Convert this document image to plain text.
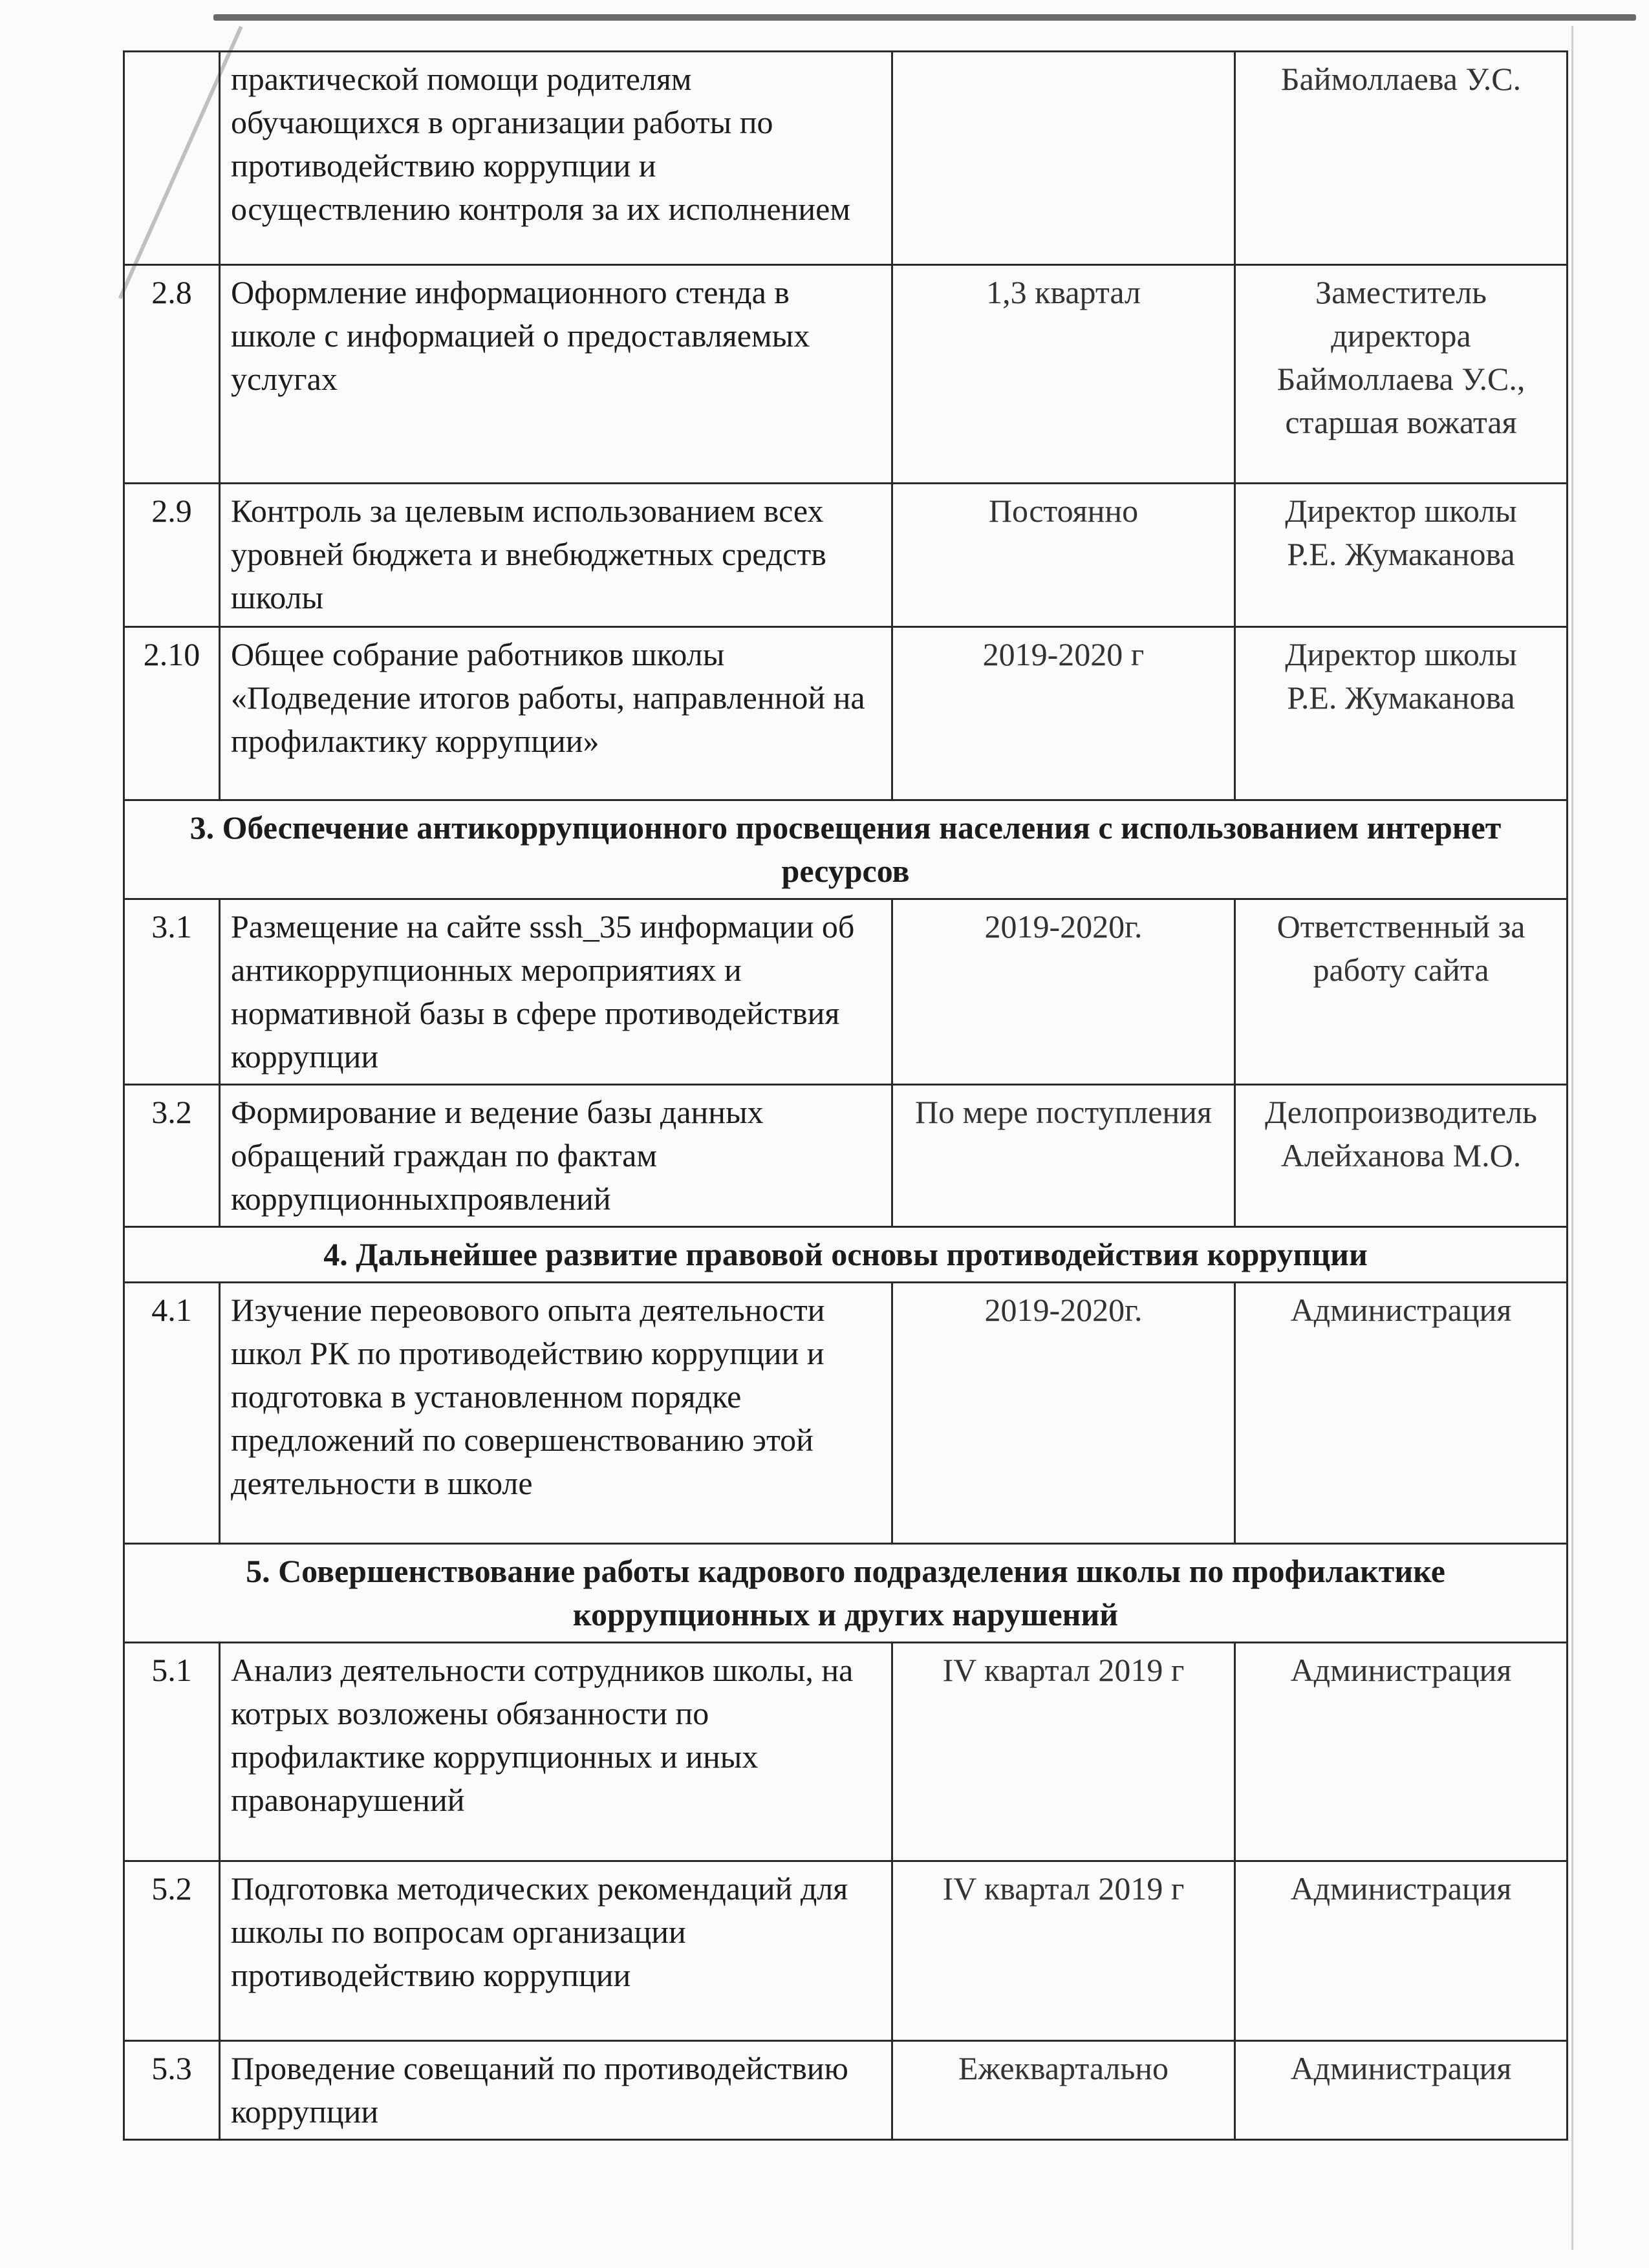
	практической помощи родителям обучающихся в организации работы по противодействию коррупции и осуществлению контроля за их исполнением		Баймоллаева У.С.

2.8	Оформление информационного стенда в школе с информацией о предоставляемых услугах	1,3 квартал	Заместитель директора
Баймоллаева У.С.,
старшая вожатая

2.9	Контроль за целевым использованием всех уровней бюджета и внебюджетных средств школы	Постоянно	Директор школы
Р.Е. Жумаканова

2.10	Общее собрание работников школы «Подведение итогов работы, направленной на профилактику коррупции»	2019-2020 г	Директор школы
Р.Е. Жумаканова

3. Обеспечение антикоррупционного просвещения населения с использованием интернет ресурсов			
3.1	Размещение на сайте sssh_35 информации об антикоррупционных мероприятиях и нормативной базы в сфере противодействия коррупции	2019-2020г.	Ответственный за
работу сайта

3.2	Формирование и ведение базы данных обращений граждан по фактам коррупционныхпроявлений	По мере поступления	Делопроизводитель
Алейханова М.О.

4. Дальнейшее развитие правовой основы противодействия коррупции			
4.1	Изучение переовового опыта деятельности школ РК по противодействию коррупции и подготовка в установленном порядке предложений по совершенствованию этой деятельности в школе	2019-2020г.	Администрация

5. Совершенствование работы кадрового подразделения школы по профилактике коррупционных и других нарушений			
5.1	Анализ деятельности сотрудников школы, на котрых возложены обязанности по профилактике коррупционных и иных правонарушений	IV квартал 2019 г	Администрация

5.2	Подготовка методических рекомендаций для школы по вопросам организации противодействию коррупции	IV квартал 2019 г	Администрация

5.3	Проведение совещаний по противодействию коррупции	Ежеквартально	Администрация
